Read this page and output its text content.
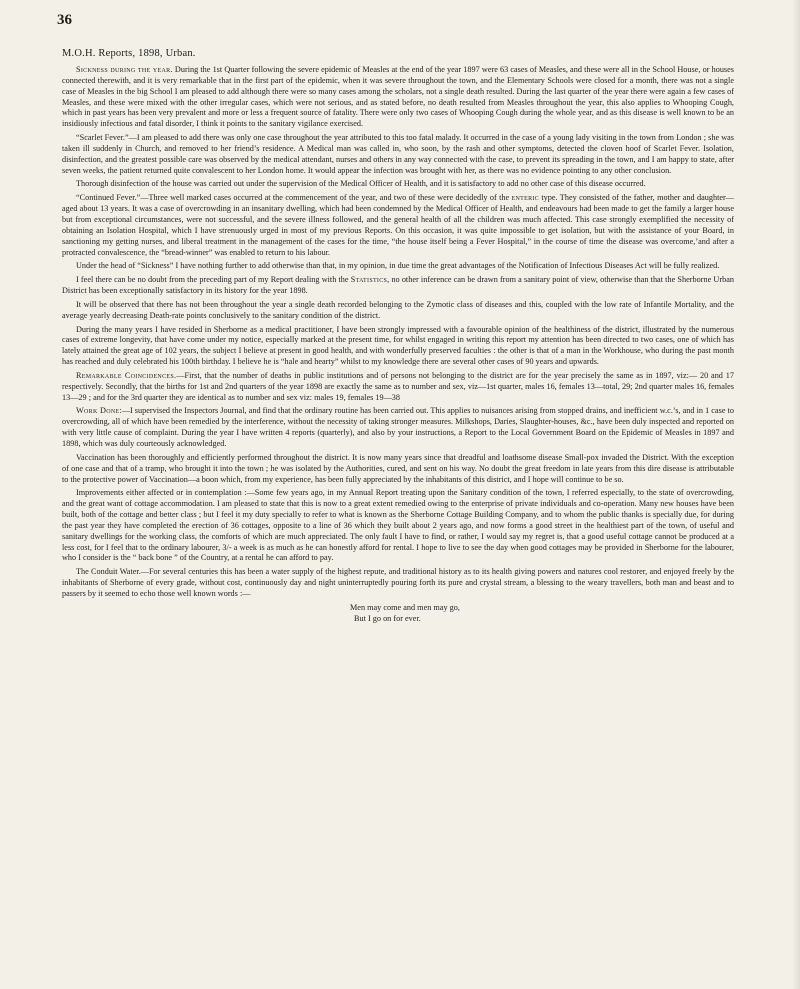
36
M.O.H. Reports, 1898, Urban.

Sickness during the year. During the 1st Quarter following the severe epidemic of Measles at the end of the year 1897 were 63 cases of Measles, and these were all in the School House, or houses connected therewith, and it is very remarkable that in the first part of the epidemic, when it was severe throughout the town, and the Elementary Schools were closed for a month, there was not a single case of Measles in the big School I am pleased to add although there were so many cases among the scholars, not a single death resulted. During the last quarter of the year there were again a few cases of Measles, and these were mixed with the other irregular cases, which were not serious, and as stated before, no death resulted from Measles throughout the year, this also applies to Whooping Cough, which in past years has been very prevalent and more or less a frequent source of fatality. There were only two cases of Whooping Cough during the whole year, and as this disease is well known to be an insidiously infectious and fatal disorder, I think it points to the sanitary vigilance exercised.

“Scarlet Fever.”—I am pleased to add there was only one case throughout the year attributed to this too fatal malady. It occurred in the case of a young lady visiting in the town from London ; she was taken ill suddenly in Church, and removed to her friend’s residence. A Medical man was called in, who soon, by the rash and other symptoms, detected the cloven hoof of Scarlet Fever. Isolation, disinfection, and the greatest possible care was observed by the medical attendant, nurses and others in any way connected with the case, to prevent its spreading in the town, and I am happy to state, after seven weeks, the patient returned quite convalescent to her London home. It would appear the infection was brought with her, as there was no evidence pointing to any other conclusion.

Thorough disinfection of the house was carried out under the supervision of the Medical Officer of Health, and it is satisfactory to add no other case of this disease occurred.

“Continued Fever.”—Three well marked cases occurred at the commencement of the year, and two of these were decidedly of the enteric type. They consisted of the father, mother and daughter—aged about 13 years. It was a case of overcrowding in an insanitary dwelling, which had been condemned by the Medical Officer of Health, and endeavours had been made to get the family a larger house but from exceptional circumstances, were not successful, and the severe illness followed, and the general health of all the children was much affected. This case strongly exemplified the necessity of obtaining an Isolation Hospital, which I have strenuously urged in most of my previous Reports. On this occasion, it was quite impossible to get isolation, but with the assistance of your Board, in sanctioning my getting nurses, and liberal treatment in the management of the cases for the time, “the house itself being a Fever Hospital,” in the course of time the disease was overcome,’and after a protracted convalescence, the “bread-winner” was enabled to return to his labour.

Under the head of “Sickness” I have nothing further to add otherwise than that, in my opinion, in due time the great advantages of the Notification of Infectious Diseases Act will be fully realized.

I feel there can be no doubt from the preceding part of my Report dealing with the Statistics, no other inference can be drawn from a sanitary point of view, otherwise than that the Sherborne Urban District has been exceptionally satisfactory in its history for the year 1898.

It will be observed that there has not been throughout the year a single death recorded belonging to the Zymotic class of diseases and this, coupled with the low rate of Infantile Mortality, and the average yearly decreasing Death-rate points conclusively to the sanitary condition of the district.

During the many years I have resided in Sherborne as a medical practitioner, I have been strongly impressed with a favourable opinion of the healthiness of the district, illustrated by the numerous cases of extreme longevity, that have come under my notice, especially marked at the present time, for whilst engaged in writing this report my attention has been directed to two cases, one of which has lately attained the great age of 102 years, the subject I believe at present in good health, and with wonderfully preserved faculties : the other is that of a man in the Workhouse, who during the past month has reached and duly celebrated his 100th birthday. I believe he is “hale and hearty” whilst to my knowledge there are several other cases of 90 years and upwards.

Remarkable Coincidences.—First, that the number of deaths in public institutions and of persons not belonging to the district are for the year precisely the same as in 1897, viz:— 20 and 17 respectively. Secondly, that the births for 1st and 2nd quarters of the year 1898 are exactly the same as to number and sex, viz—1st quarter, males 16, females 13—total, 29; 2nd quarter males 16, females 13—29 ; and for the 3rd quarter they are identical as to number and sex viz: males 19, females 19—38

Work Done:—I supervised the Inspectors Journal, and find that the ordinary routine has been carried out. This applies to nuisances arising from stopped drains, and inefficient w.c.’s, and in 1 case to overcrowding, all of which have been remedied by the interference, without the necessity of taking stronger measures. Milkshops, Daries, Slaughter-houses, &c., have been duly inspected and reported on with very little cause of complaint. During the year I have written 4 reports (quarterly), and also by your instructions, a Report to the Local Government Board on the Epidemic of Measles in 1897 and 1898, which was duly courteously acknowledged.

Vaccination has been thoroughly and efficiently performed throughout the district. It is now many years since that dreadful and loathsome disease Small-pox invaded the District. With the exception of one case and that of a tramp, who brought it into the town ; he was isolated by the Authorities, cured, and sent on his way. No doubt the great freedom in late years from this dire disease is attributable to the protective power of Vaccination—a boon which, from my experience, has been fully appreciated by the inhabitants of this district, and I hope will continue to be so.

Improvements either affected or in contemplation :—Some few years ago, in my Annual Report treating upon the Sanitary condition of the town, I referred especially, to the state of overcrowding, and the great want of cottage accommodation. I am pleased to state that this is now to a great extent remedied owing to the enterprise of private individuals and co-operation. Many new houses have been built, both of the cottage and better class ; but I feel it my duty specially to refer to what is known as the Sherborne Cottage Building Company, and to whom the public thanks is specially due, for during the past year they have completed the erection of 36 cottages, opposite to a line of 36 which they built about 2 years ago, and now forms a good street in the healthiest part of the town, of useful and sanitary dwellings for the working class, the comforts of which are much appreciated. The only fault I have to find, or rather, I would say my regret is, that a good useful cottage cannot be produced at a less cost, for I feel that to the ordinary labourer, 3/- a week is as much as he can honestly afford for rental. I hope to live to see the day when good cottages may be provided in Sherborne for the labourer, who I consider is the “ back bone ” of the Country, at a rental he can afford to pay.

The Conduit Water.—For several centuries this has been a water supply of the highest repute, and traditional history as to its health giving powers and natures cool restorer, and enjoyed freely by the inhabitants of Sherborne of every grade, without cost, continuously day and night uninterruptedly pouring forth its pure and crystal stream, a blessing to the weary travellers, both man and beast and to passers by it seemed to echo those well known words :—

Men may come and men may go,
But I go on for ever.
